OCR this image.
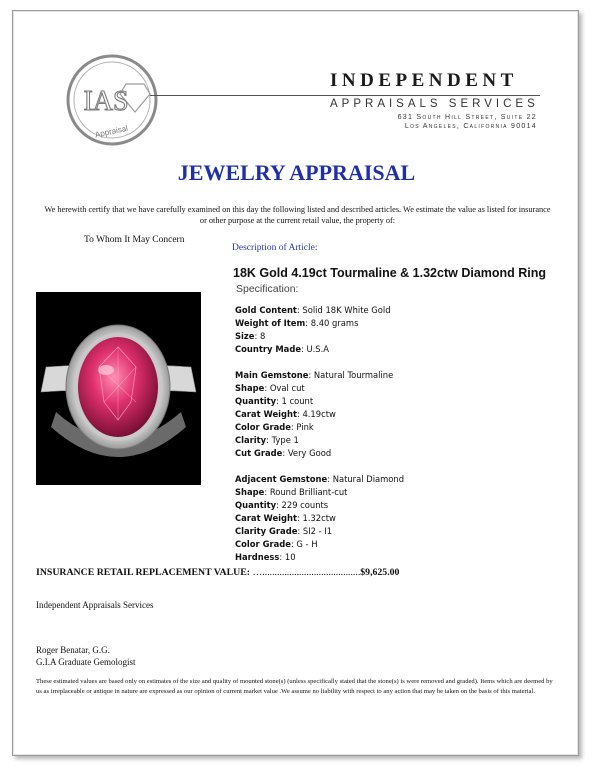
IAS
Appraisal
INDEPENDENT
APPRAISALS SERVICES
631 South Hill Street, Suite 22
Los Angeles, California 90014
JEWELRY APPRAISAL
We herewith certify that we have carefully examined on this day the following listed and described articles. We estimate the value as listed for insurance or other purpose at the current retail value, the property of:
To Whom It May Concern
Description of Article:
18K Gold 4.19ct Tourmaline & 1.32ctw Diamond Ring
Specification:
Gold Content: Solid 18K White Gold
Weight of Item: 8.40 grams
Size: 8
Country Made: U.S.A
Main Gemstone: Natural Tourmaline
Shape: Oval cut
Quantity: 1 count
Carat Weight: 4.19ctw
Color Grade: Pink
Clarity: Type 1
Cut Grade: Very Good
Adjacent Gemstone: Natural Diamond
Shape: Round Brilliant-cut
Quantity: 229 counts
Carat Weight: 1.32ctw
Clarity Grade: SI2 - I1
Color Grade: G - H
Hardness: 10
INSURANCE RETAIL REPLACEMENT VALUE: …........................................$9,625.00
Independent Appraisals Services
Roger Benatar, G.G.
G.I.A Graduate Gemologist
These estimated values are based only on estimates of the size and quality of mounted stone(s) (unless specifically stated that the stone(s) is were removed and graded). Items which are deemed by us as irreplaceable or antique in nature are expressed as our opinion of current market value .We assume no liability with respect to any action that may be taken on the basis of this material.
